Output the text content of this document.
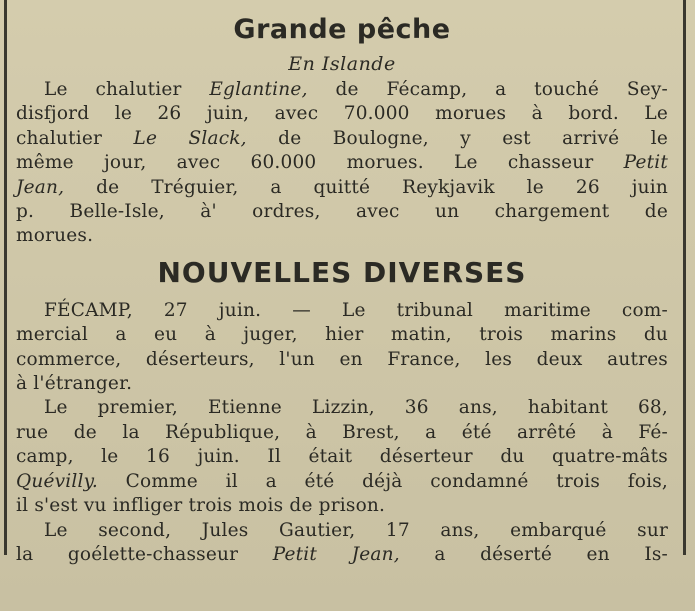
Grande pêche
En Islande
Le chalutier Eglantine, de Fécamp, a touché Sey-
disfjord le 26 juin, avec 70.000 morues à bord. Le
chalutier Le Slack, de Boulogne, y est arrivé le
même jour, avec 60.000 morues. Le chasseur Petit
Jean, de Tréguier, a quitté Reykjavik le 26 juin
p. Belle-Isle, à' ordres, avec un chargement de
morues.
NOUVELLES DIVERSES
FÉCAMP, 27 juin. — Le tribunal maritime com-
mercial a eu à juger, hier matin, trois marins du
commerce, déserteurs, l'un en France, les deux autres
à l'étranger.
Le premier, Etienne Lizzin, 36 ans, habitant 68,
rue de la République, à Brest, a été arrêté à Fé-
camp, le 16 juin. Il était déserteur du quatre-mâts
Quévilly. Comme il a été déjà condamné trois fois,
il s'est vu infliger trois mois de prison.
Le second, Jules Gautier, 17 ans, embarqué sur
la goélette-chasseur Petit Jean, a déserté en Is-
